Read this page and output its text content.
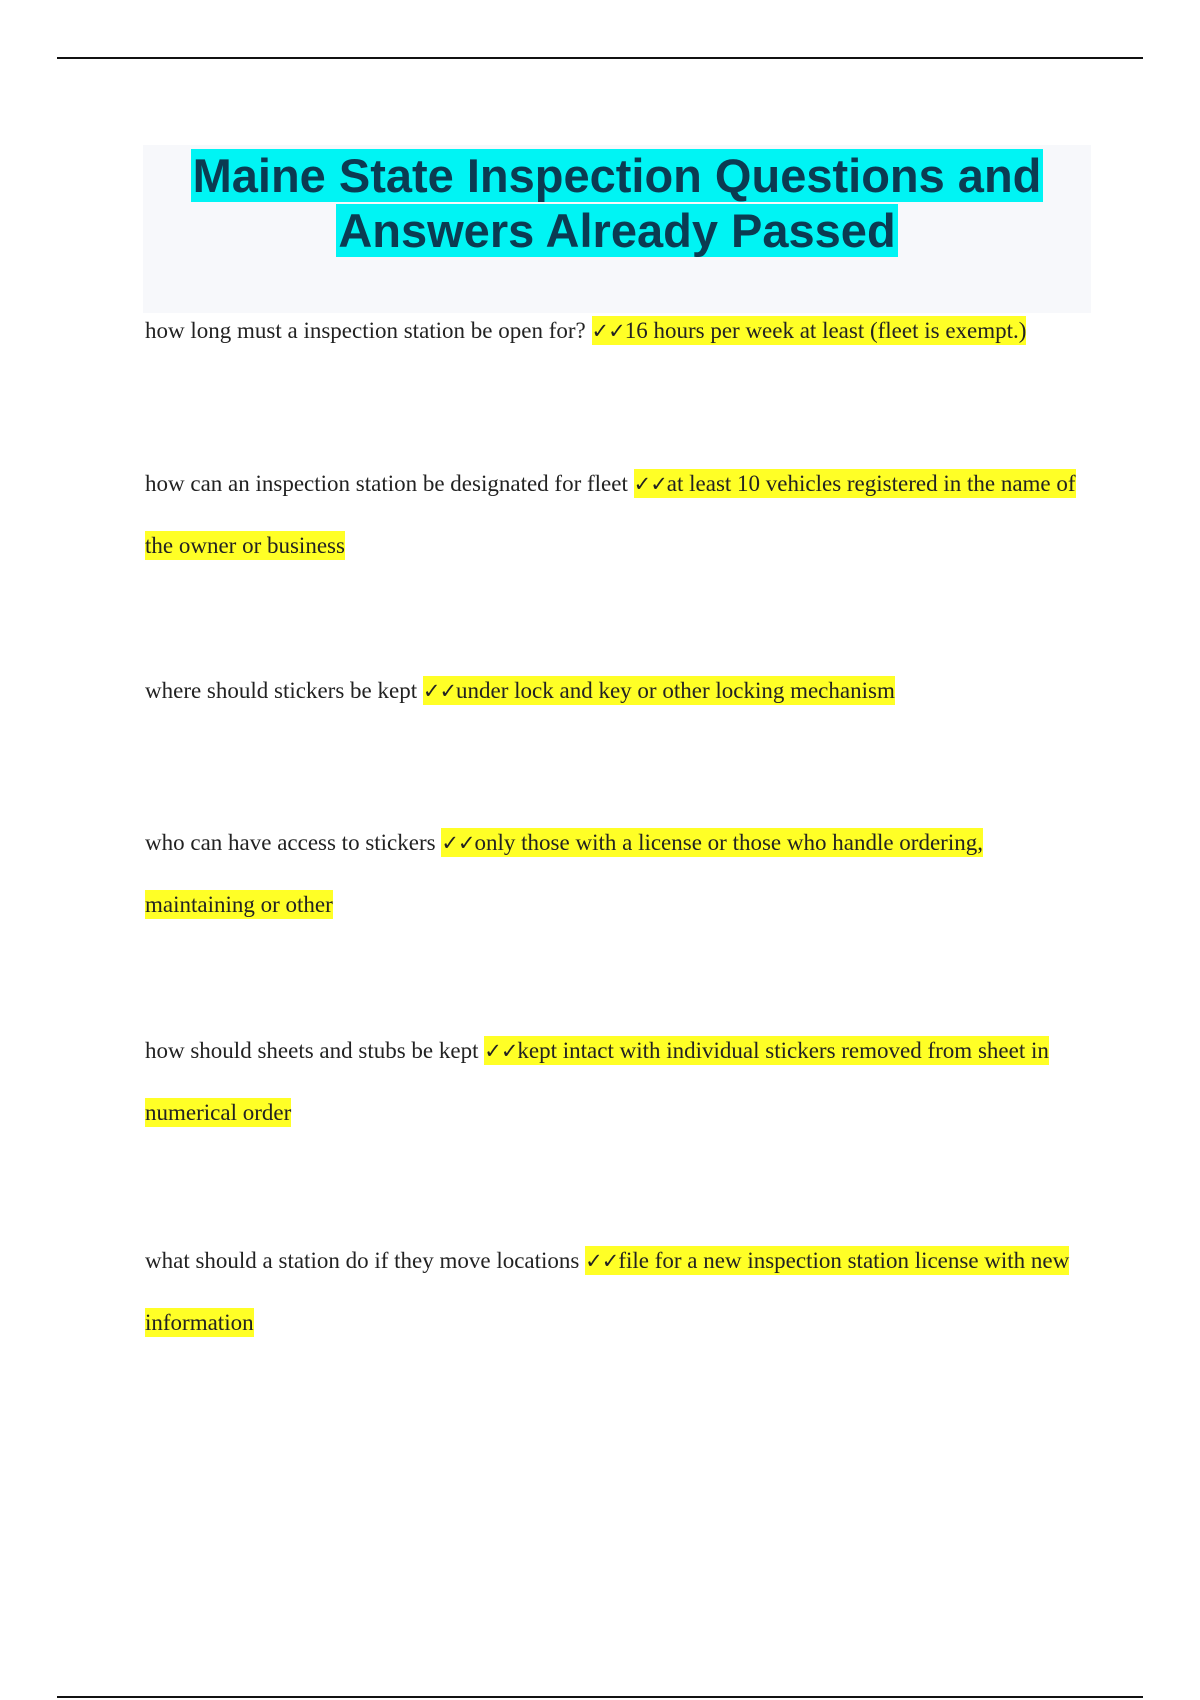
Maine State Inspection Questions and
Answers Already Passed

how long must a inspection station be open for? ✓✓16 hours per week at least (fleet is exempt.)

how can an inspection station be designated for fleet ✓✓at least 10 vehicles registered in the name of the owner or business

where should stickers be kept ✓✓under lock and key or other locking mechanism

who can have access to stickers ✓✓only those with a license or those who handle ordering, maintaining or other

how should sheets and stubs be kept ✓✓kept intact with individual stickers removed from sheet in numerical order

what should a station do if they move locations ✓✓file for a new inspection station license with new information
